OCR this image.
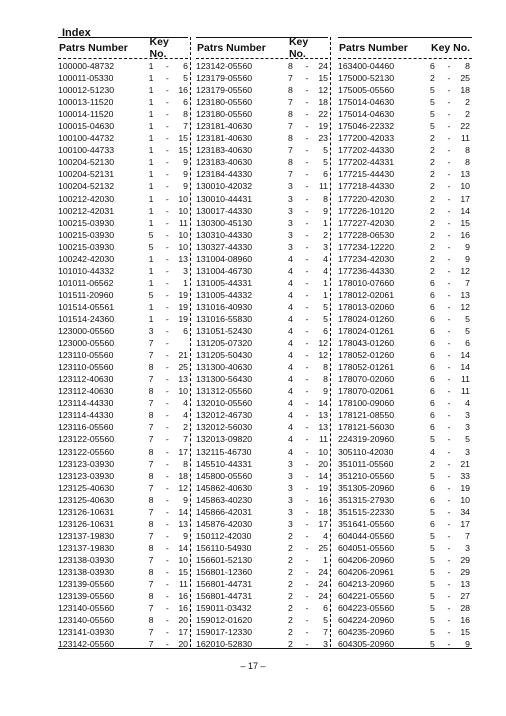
Index
Patrs Number	Key No.
100000-48732	1	-	6
100011-05330	1	-	5
100012-51230	1	-	16
100013-11520	1	-	6
100014-11520	1	-	8
100015-04630	1	-	7
100100-44732	1	-	15
100100-44733	1	-	15
100204-52130	1	-	9
100204-52131	1	-	9
100204-52132	1	-	9
100212-42030	1	-	10
100212-42031	1	-	10
100215-03930	1	-	11
100215-03930	5	-	10
100215-03930	5	-	10
100242-42030	1	-	13
101010-44332	1	-	3
101011-06562	1	-	1
101511-20960	5	-	19
101514-05561	1	-	19
101514-24360	1	-	19
123000-05560	3	-	6
123000-05560	7	-
123110-05560	7	-	21
123110-05560	8	-	25
123112-40630	7	-	13
123112-40630	8	-	10
123114-44330	7	-	4
123114-44330	8	-	4
123116-05560	7	-	2
123122-05560	7	-	7
123122-05560	8	-	17
123123-03930	7	-	8
123123-03930	8	-	18
123125-40630	7	-	12
123125-40630	8	-	9
123126-10631	7	-	14
123126-10631	8	-	13
123137-19830	7	-	9
123137-19830	8	-	14
123138-03930	7	-	10
123138-03930	8	-	15
123139-05560	7	-	11
123139-05560	8	-	16
123140-05560	7	-	16
123140-05560	8	-	20
123141-03930	7	-	17
123142-05560	7	-	20
Patrs Number	Key No.
123142-05560	8	-	24
123179-05560	7	-	15
123179-05560	8	-	12
123180-05560	7	-	18
123180-05560	8	-	22
123181-40630	7	-	19
123181-40630	8	-	23
123183-40630	7	-	5
123183-40630	8	-	5
123184-44330	7	-	6
130010-42032	3	-	11
130010-44431	3	-	8
130017-44330	3	-	9
130300-45130	3	-	1
130310-44330	3	-	2
130327-44330	3	-	3
131004-08960	4	-	4
131004-46730	4	-	4
131005-44331	4	-	1
131005-44332	4	-	1
131016-40930	4	-	5
131016-55830	4	-	5
131051-52430	4	-	6
131205-07320	4	-	12
131205-50430	4	-	12
131300-40630	4	-	8
131300-56430	4	-	8
131312-05560	4	-	9
132010-05560	4	-	14
132012-46730	4	-	13
132012-56030	4	-	13
132013-09820	4	-	11
132115-46730	4	-	10
145510-44331	3	-	20
145800-05560	3	-	14
145862-40630	3	-	19
145863-40230	3	-	16
145866-42031	3	-	18
145876-42030	3	-	17
150112-42030	2	-	4
156110-54930	2	-	25
156601-52130	2	-	1
156801-12360	2	-	24
156801-44731	2	-	24
156801-44731	2	-	24
159011-03432	2	-	6
159012-01620	2	-	5
159017-12330	2	-	7
162010-52830	2	-	3
Patrs Number	Key No.
163400-04460	6	-	8
175000-52130	2	-	25
175005-05560	5	-	18
175014-04630	5	-	2
175014-04630	5	-	2
175046-22332	5	-	22
177200-42033	2	-	11
177202-44330	2	-	8
177202-44331	2	-	8
177215-44430	2	-	13
177218-44330	2	-	10
177220-42030	2	-	17
177226-10120	2	-	14
177227-42030	2	-	15
177228-06530	2	-	16
177234-12220	2	-	9
177234-42030	2	-	9
177236-44330	2	-	12
178010-07660	6	-	7
178012-02061	6	-	13
178013-02060	6	-	12
178024-01260	6	-	5
178024-01261	6	-	5
178043-01260	6	-	6
178052-01260	6	-	14
178052-01261	6	-	14
178070-02060	6	-	11
178070-02061	6	-	11
178100-09060	6	-	4
178121-08550	6	-	3
178121-56030	6	-	3
224319-20960	5	-	5
305110-42030	4	-	3
351011-05560	2	-	21
351210-05560	5	-	33
351305-20960	6	-	19
351315-27930	6	-	10
351515-22330	5	-	34
351641-05560	6	-	17
604044-05560	5	-	7
604051-05560	5	-	3
604206-20960	5	-	29
604206-20961	5	-	29
604213-20960	5	-	13
604221-05560	5	-	27
604223-05560	5	-	28
604224-20960	5	-	16
604235-20960	5	-	15
604305-20960	5	-	9
– 17 –
